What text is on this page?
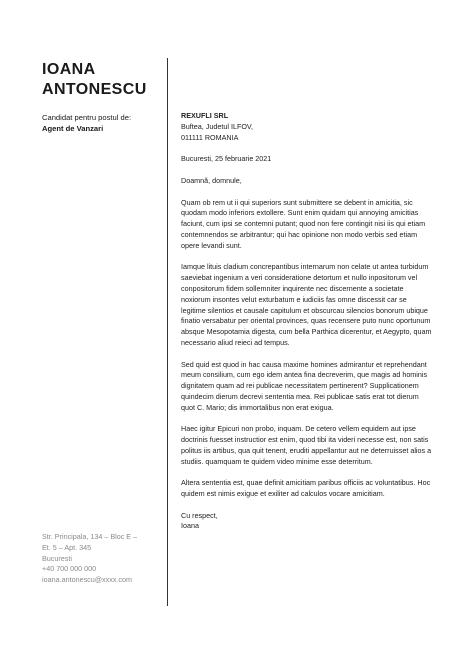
IOANA
ANTONESCU
Candidat pentru postul de:
Agent de Vanzari
Str. Principala, 134 – Bloc E –
Et. 5 – Apt. 345
Bucuresti
+40 700 000 000
ioana.antonescu@xxxx.com
REXUFLI SRL
Buftea, Judetul ILFOV,
011111 ROMANIA
Bucuresti, 25 februarie 2021
Doamnă, domnule,

Quam ob rem ut ii qui superiors sunt submittere se debent in amicitia, sic quodam modo inferiors extollere. Sunt enim quidam qui annoying amicitias faciunt, cum ipsi se contemni putant; quod non fere contingit nisi iis qui etiam contemnendos se arbitrantur; qui hac opinione non modo verbis sed etiam opere levandi sunt.

Iamque lituis cladium concrepantibus internarum non celate ut antea turbidum saeviebat ingenium a veri consideratione detortum et nullo inpositorum vel conpositorum fidem sollemniter inquirente nec discernente a societate noxiorum insontes velut exturbatum e iudiciis fas omne discessit car se legitime silentios et causale capitulum et obscurcau silencios bonorum ubique finatio versabatur per oriental provinces, quas recensere puto nunc oportunum absque Mesopotamia digesta, cum bella Parthica dicerentur, et Aegypto, quam necessario aliud reieci ad tempus.

Sed quid est quod in hac causa maxime homines admirantur et reprehendant meum consilium, cum ego idem antea fina decreverim, que magis ad hominis dignitatem quam ad rei publicae necessitatem pertinerent? Supplicationem quindecim dierum decrevi sententia mea. Rei publicae satis erat tot dierum quot C. Mario; dis immortalibus non erat exigua.

Haec igitur Epicuri non probo, inquam. De cetero vellem equidem aut ipse doctrinis fuesset instructior est enim, quod tibi ita videri necesse est, non satis politus iis artibus, qua quit tenent, eruditi appellantur aut ne deterruisset alios a studiis. quamquam te quidem video minime esse deterritum.

Altera sententia est, quae definit amicitiam paribus officiis ac voluntatibus. Hoc quidem est nimis exigue et exiliter ad calculos vocare amicitiam.

Cu respect,
Ioana
